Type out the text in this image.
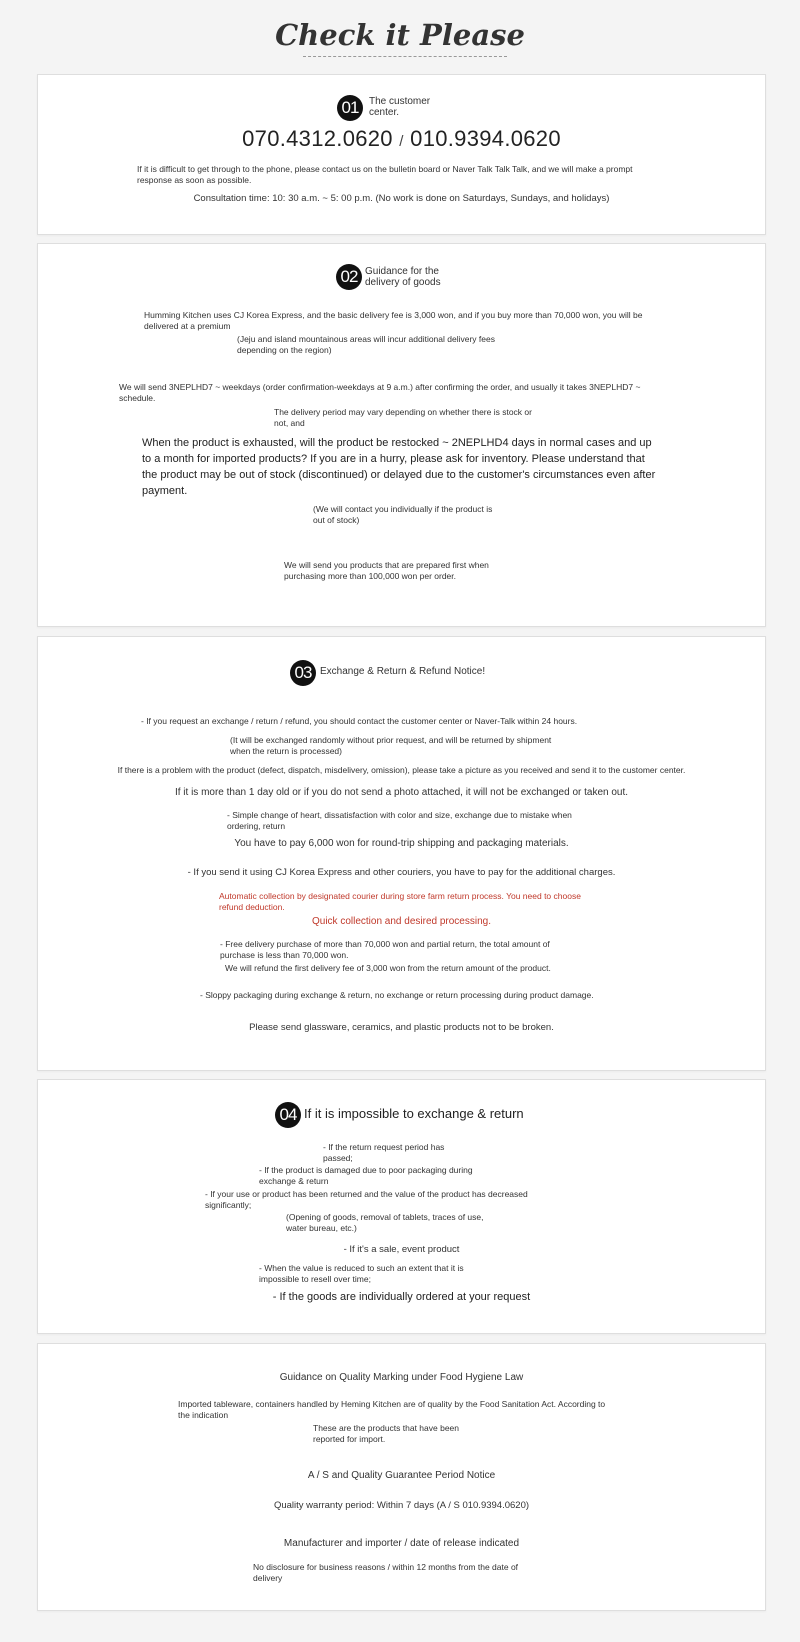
Check it Please
01	The customer center.
070.4312.0620 / 010.9394.0620
If it is difficult to get through to the phone, please contact us on the bulletin board or Naver Talk Talk Talk, and we will make a prompt response as soon as possible.
Consultation time: 10: 30 a.m. ~ 5: 00 p.m. (No work is done on Saturdays, Sundays, and holidays)
02 Guidance for the delivery of goods
Humming Kitchen uses CJ Korea Express, and the basic delivery fee is 3,000 won, and if you buy more than 70,000 won, you will be delivered at a premium
(Jeju and island mountainous areas will incur additional delivery fees depending on the region)
We will send 3NEPLHD7 ~ weekdays (order confirmation-weekdays at 9 a.m.) after confirming the order, and usually it takes 3NEPLHD7 ~ schedule.
The delivery period may vary depending on whether there is stock or not, and
When the product is exhausted, will the product be restocked ~ 2NEPLHD4 days in normal cases and up to a month for imported products? If you are in a hurry, please ask for inventory. Please understand that the product may be out of stock (discontinued) or delayed due to the customer's circumstances even after payment.
(We will contact you individually if the product is out of stock)
We will send you products that are prepared first when purchasing more than 100,000 won per order.
03 Exchange & Return & Refund Notice!
- If you request an exchange / return / refund, you should contact the customer center or Naver-Talk within 24 hours.
(It will be exchanged randomly without prior request, and will be returned by shipment when the return is processed)
If there is a problem with the product (defect, dispatch, misdelivery, omission), please take a picture as you received and send it to the customer center.
If it is more than 1 day old or if you do not send a photo attached, it will not be exchanged or taken out.
- Simple change of heart, dissatisfaction with color and size, exchange due to mistake when ordering, return
You have to pay 6,000 won for round-trip shipping and packaging materials.
- If you send it using CJ Korea Express and other couriers, you have to pay for the additional charges.
Automatic collection by designated courier during store farm return process. You need to choose refund deduction.
Quick collection and desired processing.
- Free delivery purchase of more than 70,000 won and partial return, the total amount of purchase is less than 70,000 won.
We will refund the first delivery fee of 3,000 won from the return amount of the product.
- Sloppy packaging during exchange & return, no exchange or return processing during product damage.
Please send glassware, ceramics, and plastic products not to be broken.
04 If it is impossible to exchange & return
- If the return request period has passed;
- If the product is damaged due to poor packaging during exchange & return
- If your use or product has been returned and the value of the product has decreased significantly;
(Opening of goods, removal of tablets, traces of use, water bureau, etc.)
- If it's a sale, event product
- When the value is reduced to such an extent that it is impossible to resell over time;
- If the goods are individually ordered at your request
Guidance on Quality Marking under Food Hygiene Law
Imported tableware, containers handled by Heming Kitchen are of quality by the Food Sanitation Act. According to the indication
These are the products that have been reported for import.
A / S and Quality Guarantee Period Notice
Quality warranty period: Within 7 days (A / S 010.9394.0620)
Manufacturer and importer / date of release indicated
No disclosure for business reasons / within 12 months from the date of delivery
